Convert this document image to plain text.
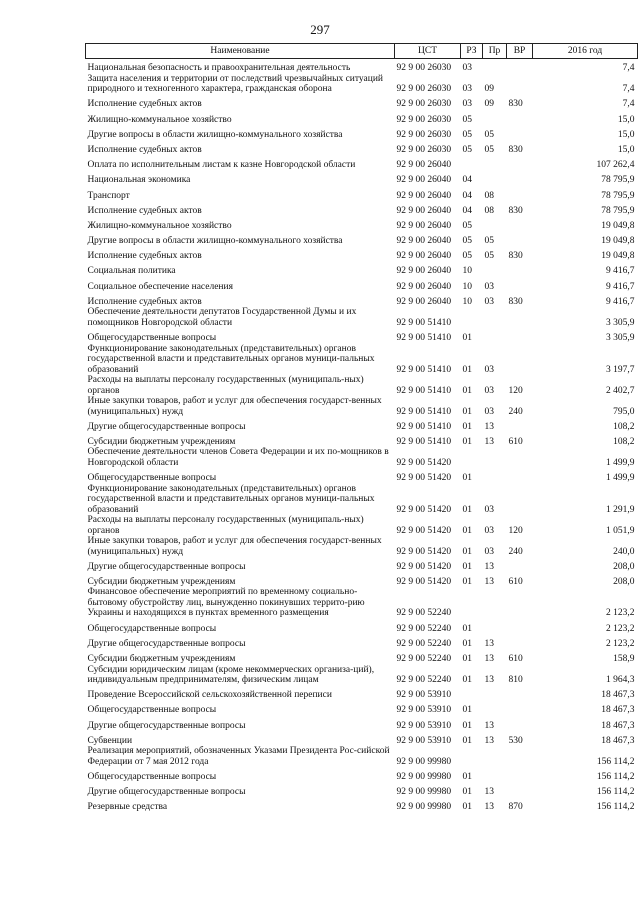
297
Наименование	ЦСТ	РЗ	Пр	ВР	2016 год
Национальная безопасность и правоохранительная деятельность	92 9 00 26030	03			7,4
Защита населения и территории от последствий чрезвычайных ситуаций природного и техногенного характера, гражданская оборона	92 9 00 26030	03	09		7,4
Исполнение судебных актов	92 9 00 26030	03	09	830	7,4
Жилищно-коммунальное хозяйство	92 9 00 26030	05			15,0
Другие вопросы в области жилищно-коммунального хозяйства	92 9 00 26030	05	05		15,0
Исполнение судебных актов	92 9 00 26030	05	05	830	15,0
Оплата по исполнительным листам к казне Новгородской области	92 9 00 26040				107 262,4
Национальная экономика	92 9 00 26040	04			78 795,9
Транспорт	92 9 00 26040	04	08		78 795,9
Исполнение судебных актов	92 9 00 26040	04	08	830	78 795,9
Жилищно-коммунальное хозяйство	92 9 00 26040	05			19 049,8
Другие вопросы в области жилищно-коммунального хозяйства	92 9 00 26040	05	05		19 049,8
Исполнение судебных актов	92 9 00 26040	05	05	830	19 049,8
Социальная политика	92 9 00 26040	10			9 416,7
Социальное обеспечение населения	92 9 00 26040	10	03		9 416,7
Исполнение судебных актов	92 9 00 26040	10	03	830	9 416,7
Обеспечение деятельности депутатов Государственной Думы и их помощников Новгородской области	92 9 00 51410				3 305,9
Общегосударственные вопросы	92 9 00 51410	01			3 305,9
Функционирование законодательных (представительных) органов государственной власти и представительных органов муници-пальных образований	92 9 00 51410	01	03		3 197,7
Расходы на выплаты персоналу государственных (муниципаль-ных) органов	92 9 00 51410	01	03	120	2 402,7
Иные закупки товаров, работ и услуг для обеспечения государст-венных (муниципальных) нужд	92 9 00 51410	01	03	240	795,0
Другие общегосударственные вопросы	92 9 00 51410	01	13		108,2
Субсидии бюджетным учреждениям	92 9 00 51410	01	13	610	108,2
Обеспечение деятельности членов Совета Федерации и их по-мощников в Новгородской области	92 9 00 51420				1 499,9
Общегосударственные вопросы	92 9 00 51420	01			1 499,9
Функционирование законодательных (представительных) органов государственной власти и представительных органов муници-пальных образований	92 9 00 51420	01	03		1 291,9
Расходы на выплаты персоналу государственных (муниципаль-ных) органов	92 9 00 51420	01	03	120	1 051,9
Иные закупки товаров, работ и услуг для обеспечения государст-венных (муниципальных) нужд	92 9 00 51420	01	03	240	240,0
Другие общегосударственные вопросы	92 9 00 51420	01	13		208,0
Субсидии бюджетным учреждениям	92 9 00 51420	01	13	610	208,0
Финансовое обеспечение мероприятий по временному социально-бытовому обустройству лиц, вынужденно покинувших террито-рию Украины и находящихся в пунктах временного размещения	92 9 00 52240				2 123,2
Общегосударственные вопросы	92 9 00 52240	01			2 123,2
Другие общегосударственные вопросы	92 9 00 52240	01	13		2 123,2
Субсидии бюджетным учреждениям	92 9 00 52240	01	13	610	158,9
Субсидии юридическим лицам (кроме некоммерческих организа-ций), индивидуальным предпринимателям, физическим лицам	92 9 00 52240	01	13	810	1 964,3
Проведение Всероссийской сельскохозяйственной переписи	92 9 00 53910				18 467,3
Общегосударственные вопросы	92 9 00 53910	01			18 467,3
Другие общегосударственные вопросы	92 9 00 53910	01	13		18 467,3
Субвенции	92 9 00 53910	01	13	530	18 467,3
Реализация мероприятий, обозначенных Указами Президента Рос-сийской Федерации от 7 мая 2012 года	92 9 00 99980				156 114,2
Общегосударственные вопросы	92 9 00 99980	01			156 114,2
Другие общегосударственные вопросы	92 9 00 99980	01	13		156 114,2
Резервные средства	92 9 00 99980	01	13	870	156 114,2
